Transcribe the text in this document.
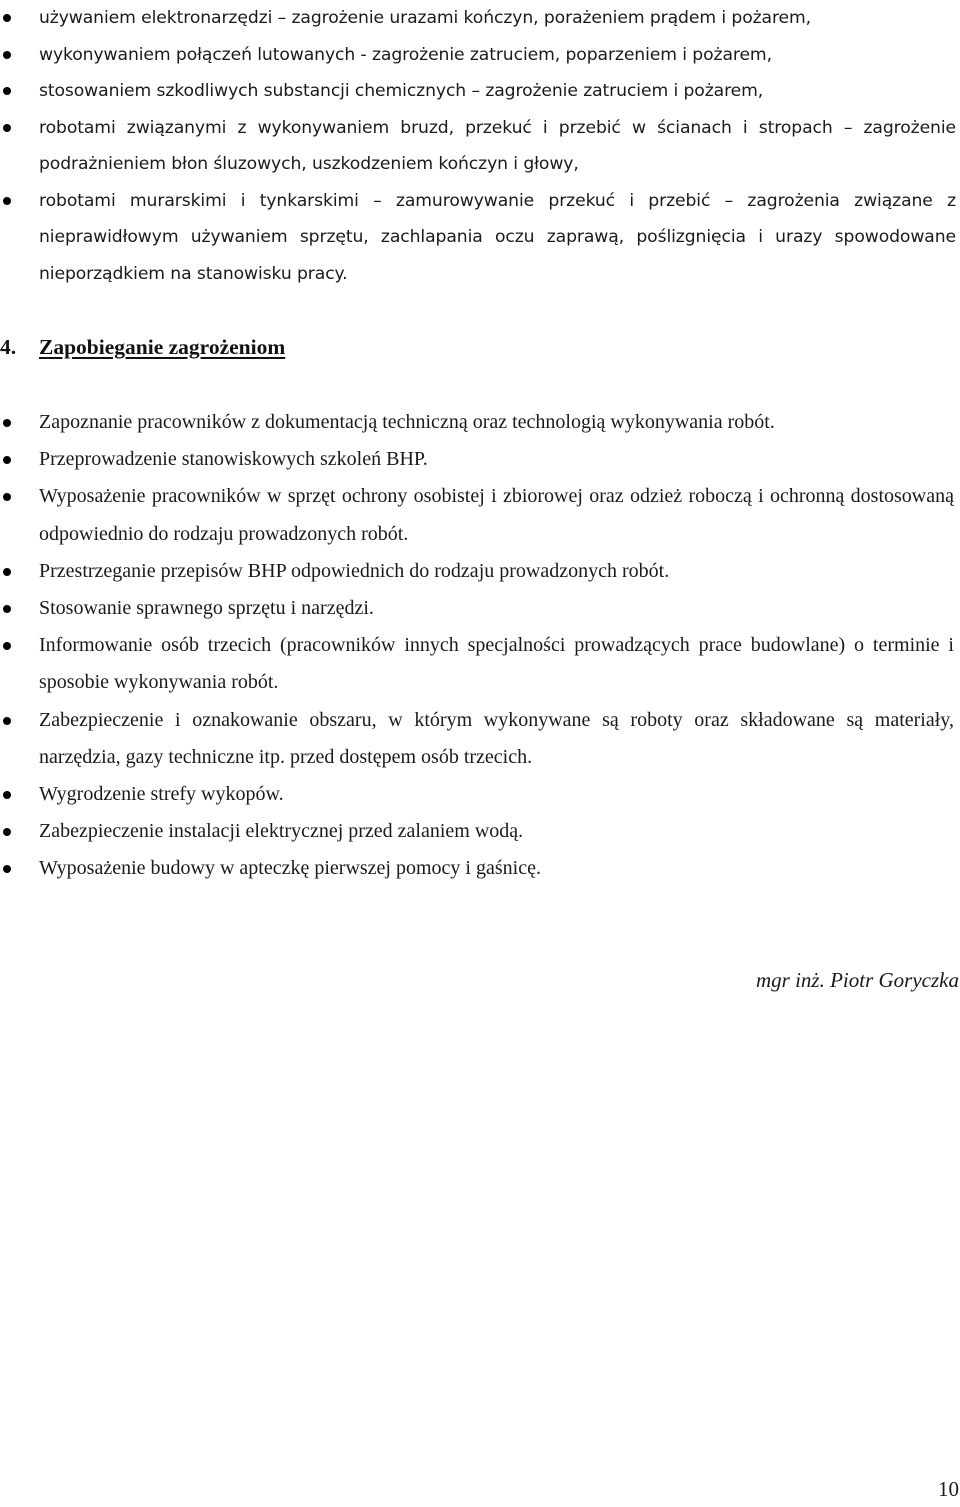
używaniem elektronarzędzi – zagrożenie urazami kończyn, porażeniem prądem i pożarem,
wykonywaniem połączeń lutowanych - zagrożenie zatruciem, poparzeniem i pożarem,
stosowaniem szkodliwych substancji chemicznych – zagrożenie zatruciem i pożarem,
robotami związanymi z wykonywaniem bruzd, przekuć i przebić w ścianach i stropach – zagrożenie podrażnieniem błon śluzowych, uszkodzeniem kończyn i głowy,
robotami murarskimi i tynkarskimi – zamurowywanie przekuć i przebić – zagrożenia związane z nieprawidłowym używaniem sprzętu, zachlapania oczu zaprawą, poślizgnięcia i urazy spowodowane nieporządkiem na stanowisku pracy.
4. Zapobieganie zagrożeniom
Zapoznanie pracowników z dokumentacją techniczną oraz technologią wykonywania robót.
Przeprowadzenie stanowiskowych szkoleń BHP.
Wyposażenie pracowników w sprzęt ochrony osobistej i zbiorowej oraz odzież roboczą i ochronną dostosowaną odpowiednio do rodzaju prowadzonych robót.
Przestrzeganie przepisów BHP odpowiednich do rodzaju prowadzonych robót.
Stosowanie sprawnego sprzętu i narzędzi.
Informowanie osób trzecich (pracowników innych specjalności prowadzących prace budowlane) o terminie i sposobie wykonywania robót.
Zabezpieczenie i oznakowanie obszaru, w którym wykonywane są roboty oraz składowane są materiały, narzędzia, gazy techniczne itp. przed dostępem osób trzecich.
Wygrodzenie strefy wykopów.
Zabezpieczenie instalacji elektrycznej przed zalaniem wodą.
Wyposażenie budowy w apteczkę pierwszej pomocy i gaśnicę.

mgr inż. Piotr Goryczka

10
